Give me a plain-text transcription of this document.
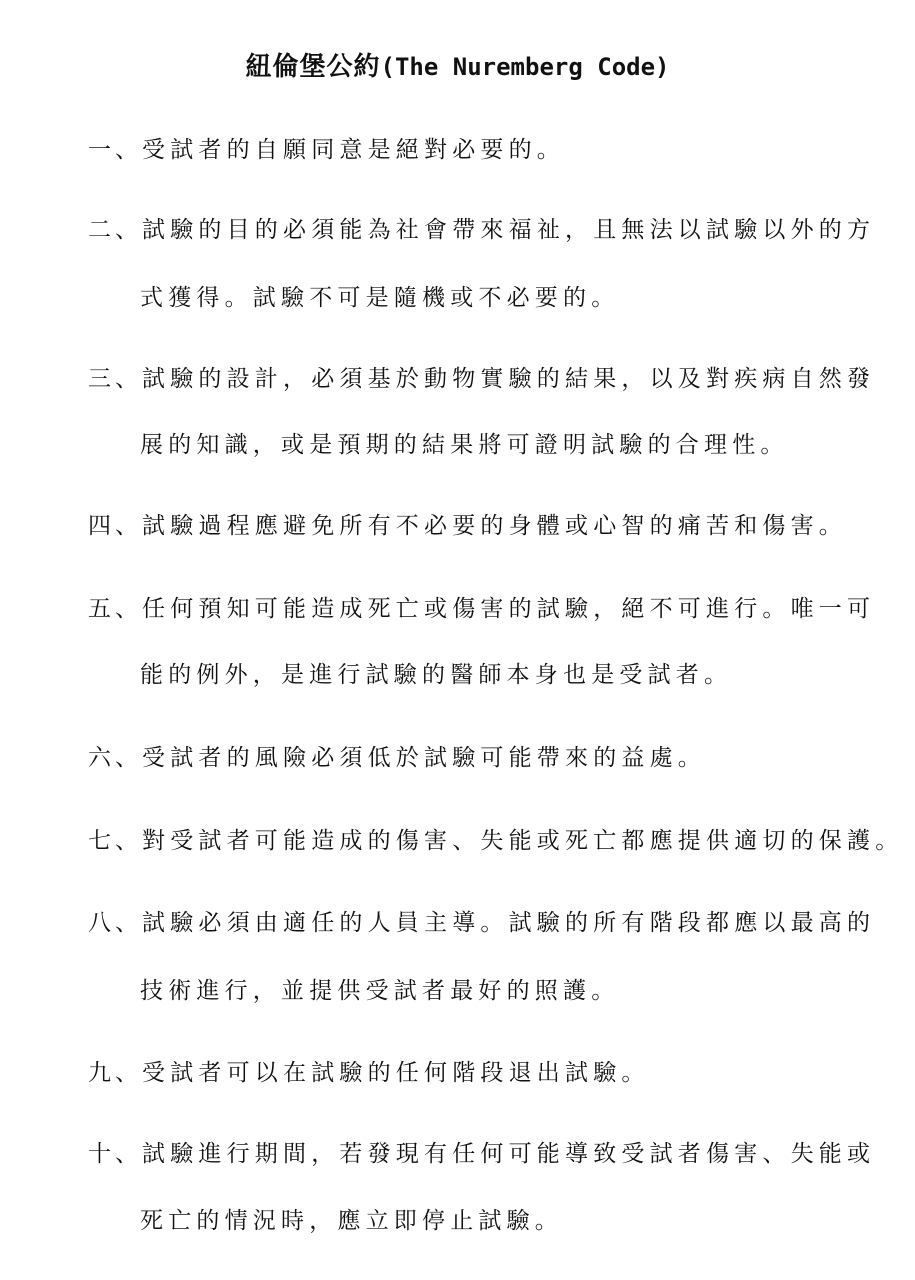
紐倫堡公約(The Nuremberg Code)
一、受試者的自願同意是絕對必要的。
二、試驗的目的必須能為社會帶來福祉，且無法以試驗以外的方
式獲得。試驗不可是隨機或不必要的。
三、試驗的設計，必須基於動物實驗的結果，以及對疾病自然發
展的知識，或是預期的結果將可證明試驗的合理性。
四、試驗過程應避免所有不必要的身體或心智的痛苦和傷害。
五、任何預知可能造成死亡或傷害的試驗，絕不可進行。唯一可
能的例外，是進行試驗的醫師本身也是受試者。
六、受試者的風險必須低於試驗可能帶來的益處。
七、對受試者可能造成的傷害、失能或死亡都應提供適切的保護。
八、試驗必須由適任的人員主導。試驗的所有階段都應以最高的
技術進行，並提供受試者最好的照護。
九、受試者可以在試驗的任何階段退出試驗。
十、試驗進行期間，若發現有任何可能導致受試者傷害、失能或
死亡的情況時，應立即停止試驗。
